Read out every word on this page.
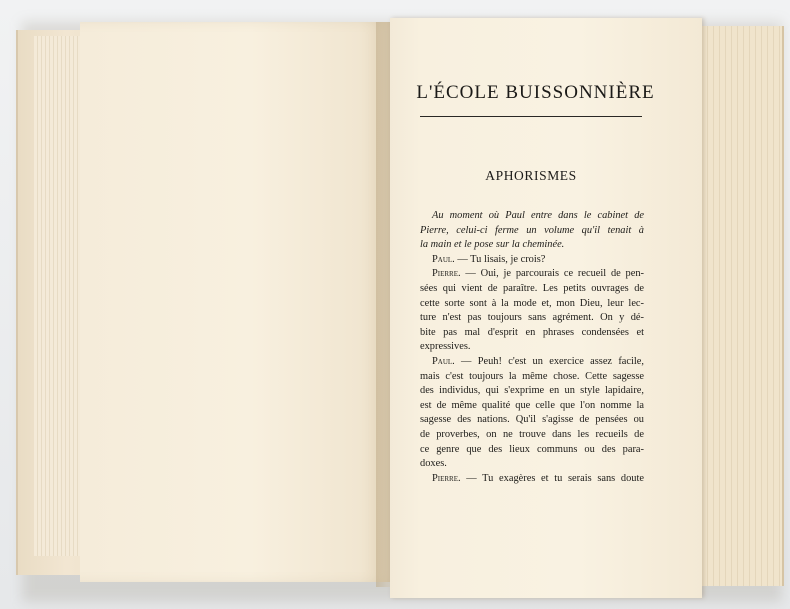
L'ÉCOLE BUISSONNIÈRE
APHORISMES
Au moment où Paul entre dans le cabinet de
Pierre, celui-ci ferme un volume qu'il tenait à
la main et le pose sur la cheminée.
Paul. — Tu lisais, je crois?
Pierre. — Oui, je parcourais ce recueil de pen-
sées qui vient de paraître. Les petits ouvrages de
cette sorte sont à la mode et, mon Dieu, leur lec-
ture n'est pas toujours sans agrément. On y dé-
bite pas mal d'esprit en phrases condensées et
expressives.
Paul. — Peuh! c'est un exercice assez facile,
mais c'est toujours la même chose. Cette sagesse
des individus, qui s'exprime en un style lapidaire,
est de même qualité que celle que l'on nomme la
sagesse des nations. Qu'il s'agisse de pensées ou
de proverbes, on ne trouve dans les recueils de
ce genre que des lieux communs ou des para-
doxes.
Pierre. — Tu exagères et tu serais sans doute
